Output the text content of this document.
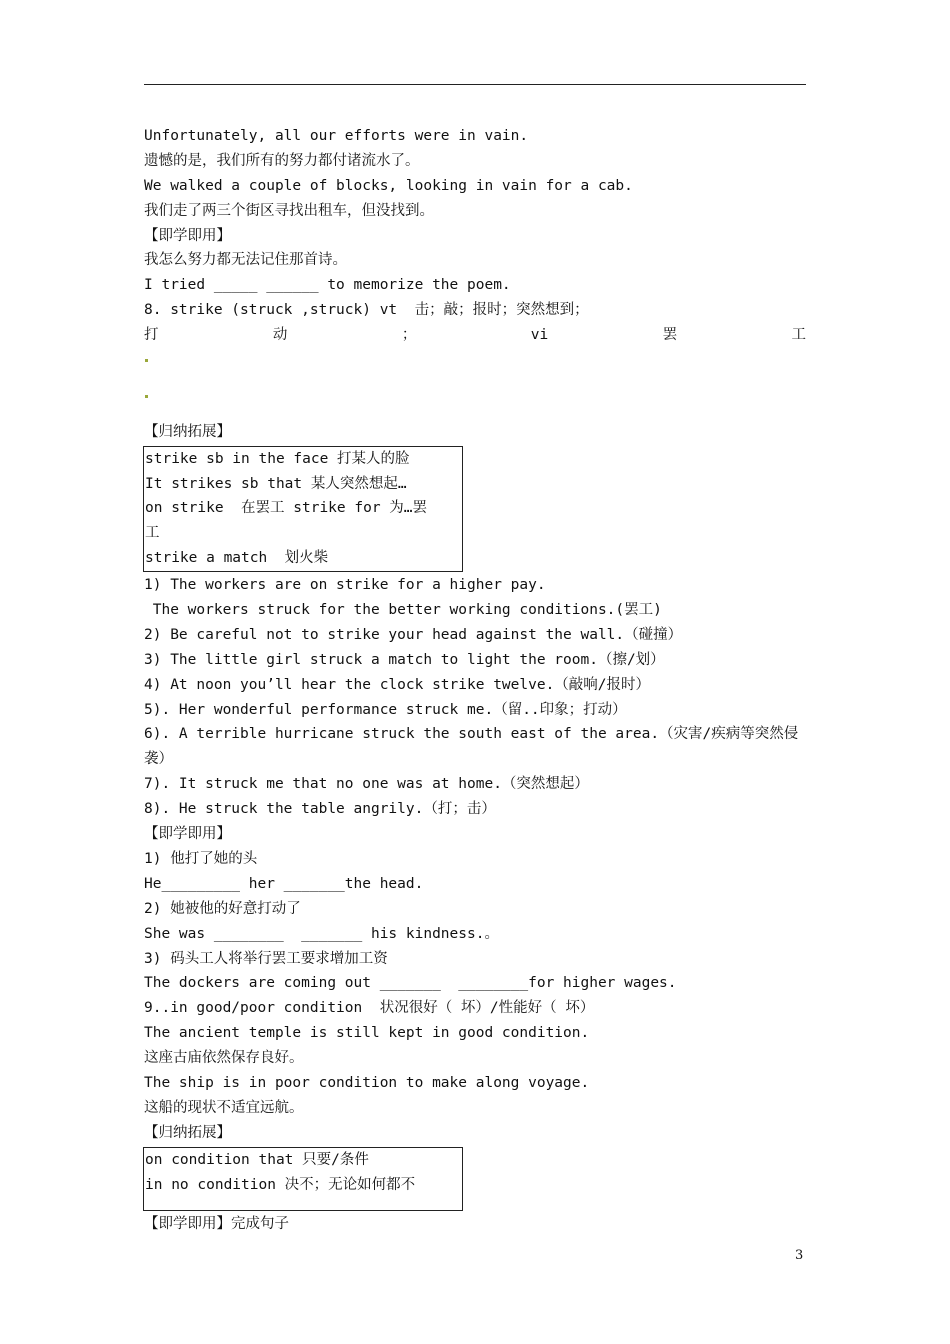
Unfortunately, all our efforts were in vain.
遗憾的是，我们所有的努力都付诸流水了。
We walked a couple of blocks, looking in vain for a cab.
我们走了两三个街区寻找出租车，但没找到。
【即学即用】
我怎么努力都无法记住那首诗。
I tried _____ ______ to memorize the poem.
8. strike (struck ,struck) vt  击；敲；报时；突然想到；
打	动	；	vi	罢	工
【归纳拓展】
strike sb in the face 打某人的脸
It strikes sb that 某人突然想起…
on strike  在罢工 strike for 为…罢
工
strike a match  划火柴
1) The workers are on strike for a higher pay.
The workers struck for the better working conditions.(罢工)
2) Be careful not to strike your head against the wall.（碰撞）
3) The little girl struck a match to light the room.（擦/划）
4) At noon you’ll hear the clock strike twelve.（敲响/报时）
5). Her wonderful performance struck me.（留..印象；打动）
6). A terrible hurricane struck the south east of the area.（灾害/疾病等突然侵
袭）
7). It struck me that no one was at home.（突然想起）
8). He struck the table angrily.（打；击）
【即学即用】
1) 他打了她的头
He_________ her _______the head.
2) 她被他的好意打动了
She was ________  _______ his kindness.。
3) 码头工人将举行罢工要求增加工资
The dockers are coming out _______  ________for higher wages.
9..in good/poor condition  状况很好（ 坏）/性能好（ 坏）
The ancient temple is still kept in good condition.
这座古庙依然保存良好。
The ship is in poor condition to make along voyage.
这船的现状不适宜远航。
【归纳拓展】
on condition that 只要/条件
in no condition 决不；无论如何都不
【即学即用】完成句子
3
